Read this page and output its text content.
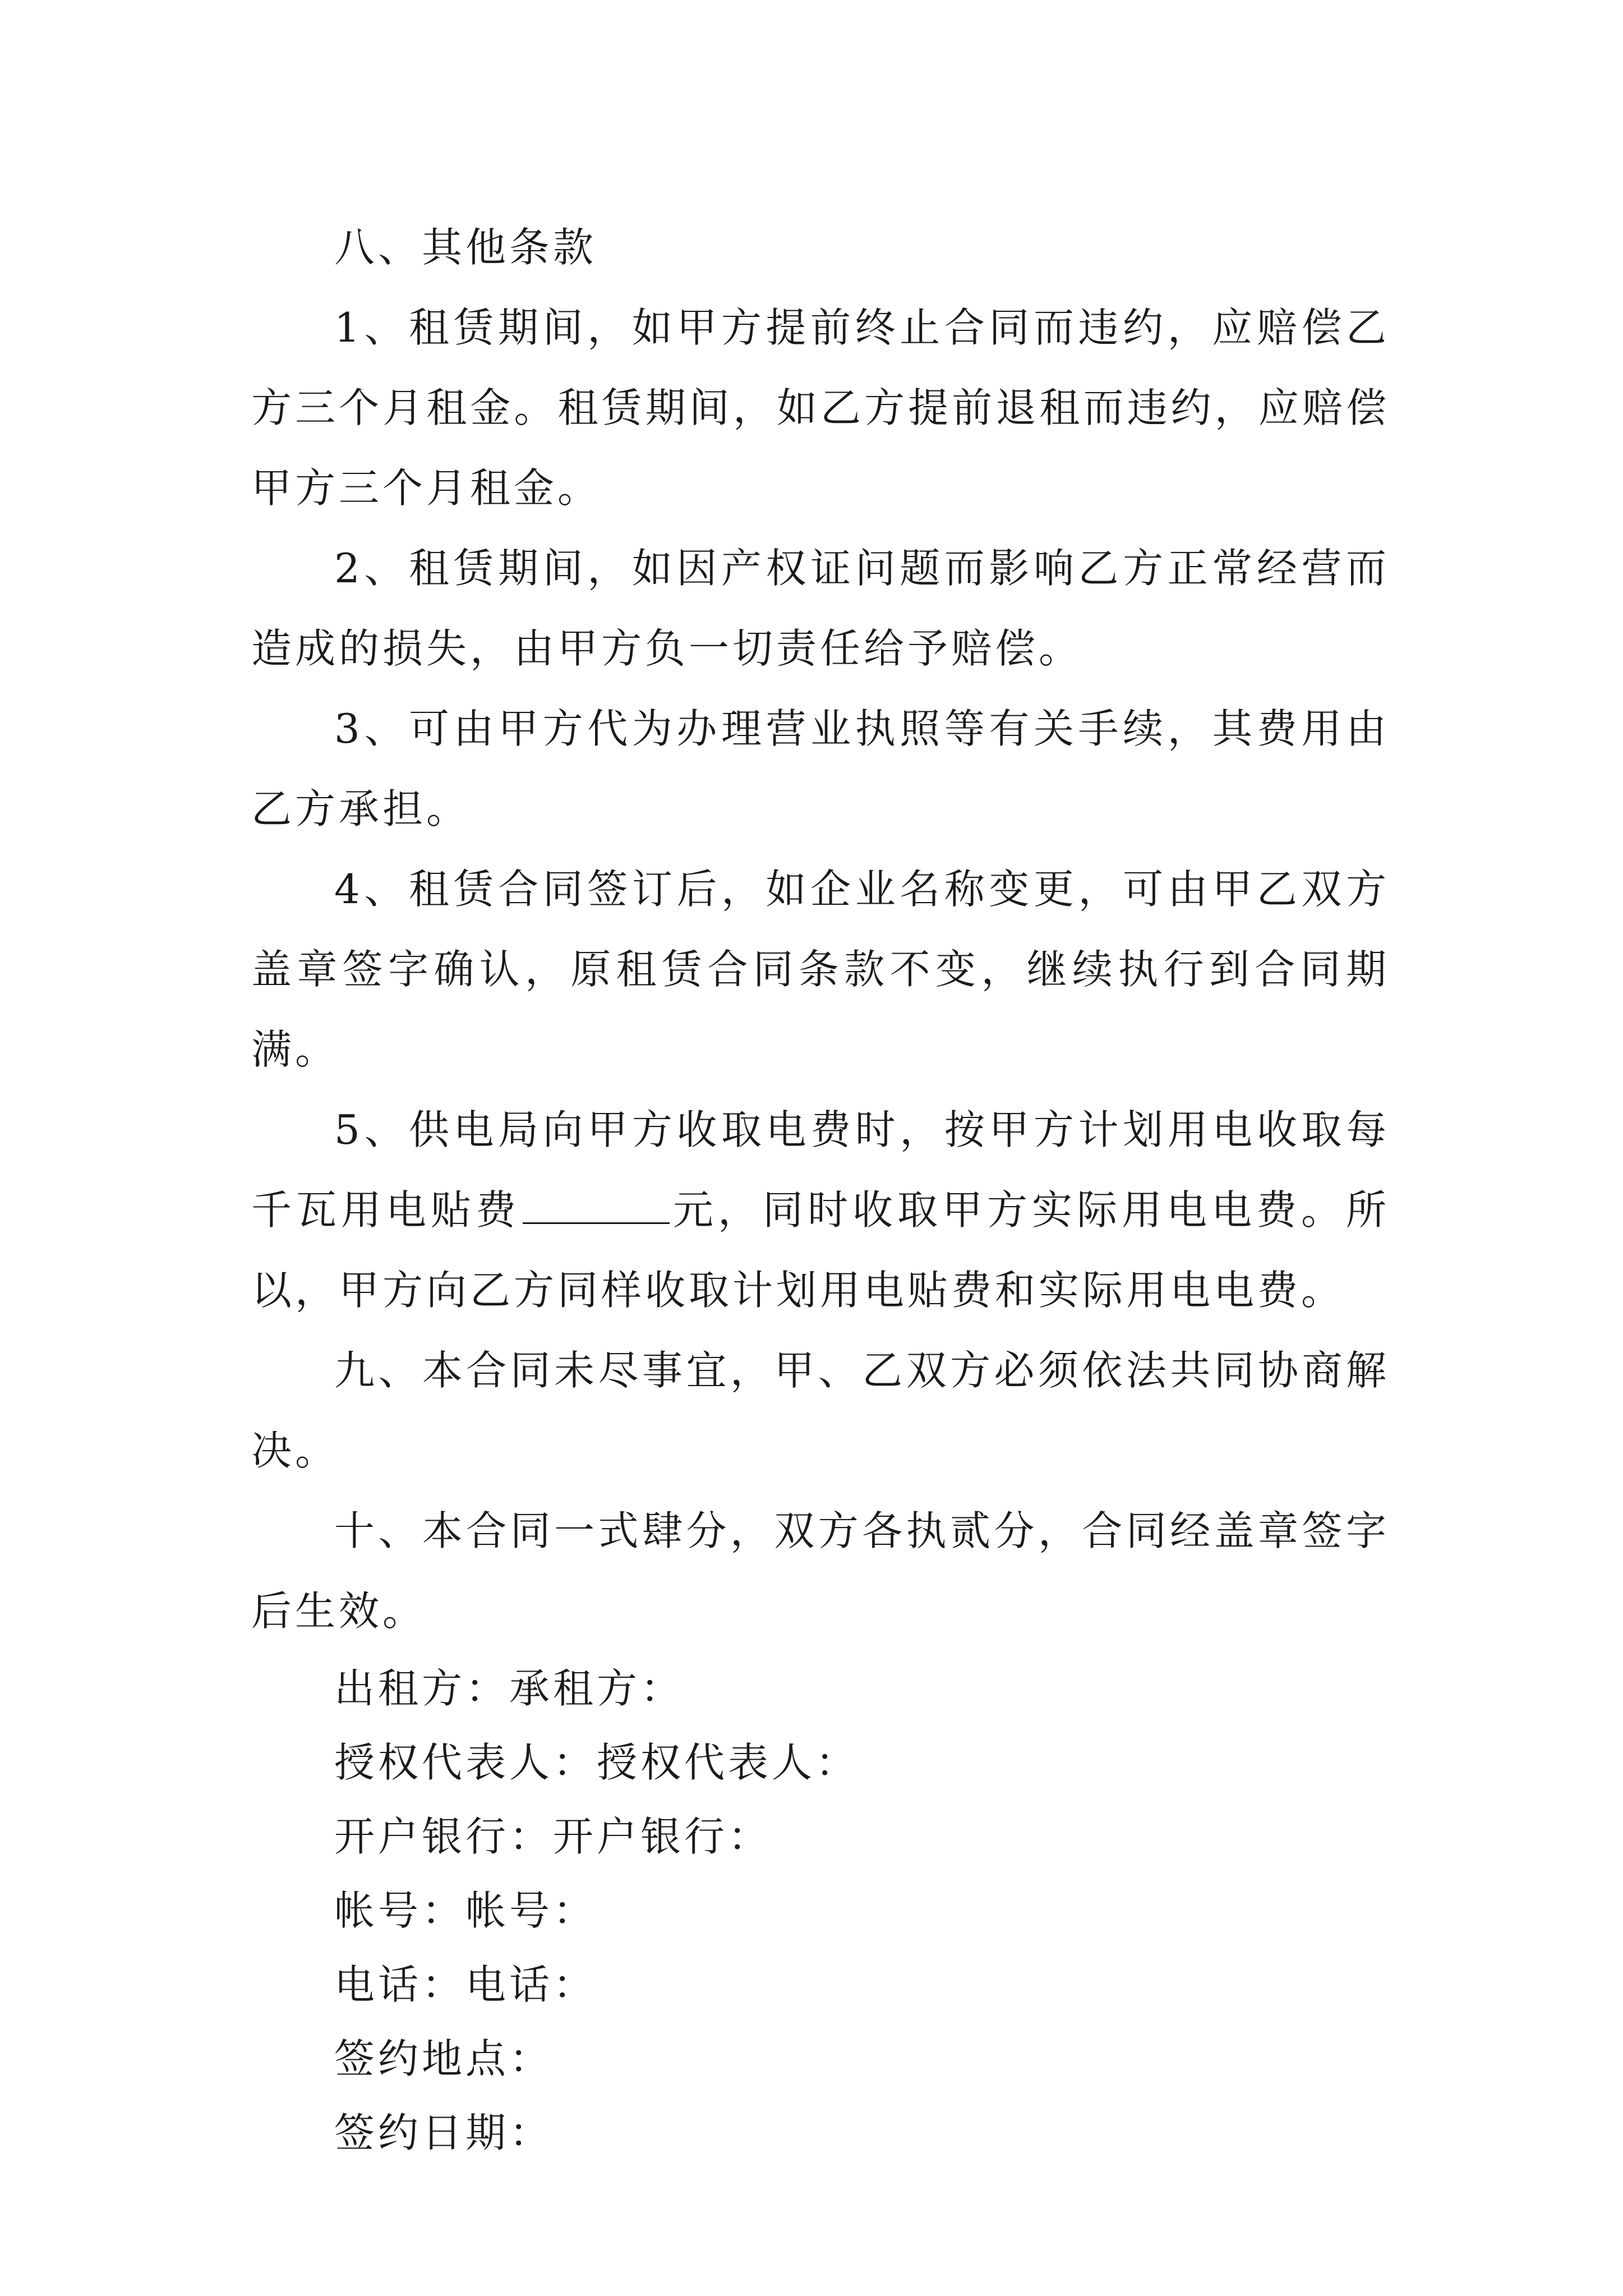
八、其他条款

1、租赁期间，如甲方提前终止合同而违约，应赔偿乙方三个月租金。租赁期间，如乙方提前退租而违约，应赔偿甲方三个月租金。

2、租赁期间，如因产权证问题而影响乙方正常经营而造成的损失，由甲方负一切责任给予赔偿。

3、可由甲方代为办理营业执照等有关手续，其费用由乙方承担。

4、租赁合同签订后，如企业名称变更，可由甲乙双方盖章签字确认，原租赁合同条款不变，继续执行到合同期满。

5、供电局向甲方收取电费时，按甲方计划用电收取每千瓦用电贴费	元，同时收取甲方实际用电电费。所以，甲方向乙方同样收取计划用电贴费和实际用电电费。

九、本合同未尽事宜，甲、乙双方必须依法共同协商解决。

十、本合同一式肆分，双方各执贰分，合同经盖章签字后生效。

出租方：承租方：

授权代表人：授权代表人：

开户银行：开户银行：

帐号：帐号：

电话：电话：

签约地点：

签约日期：
